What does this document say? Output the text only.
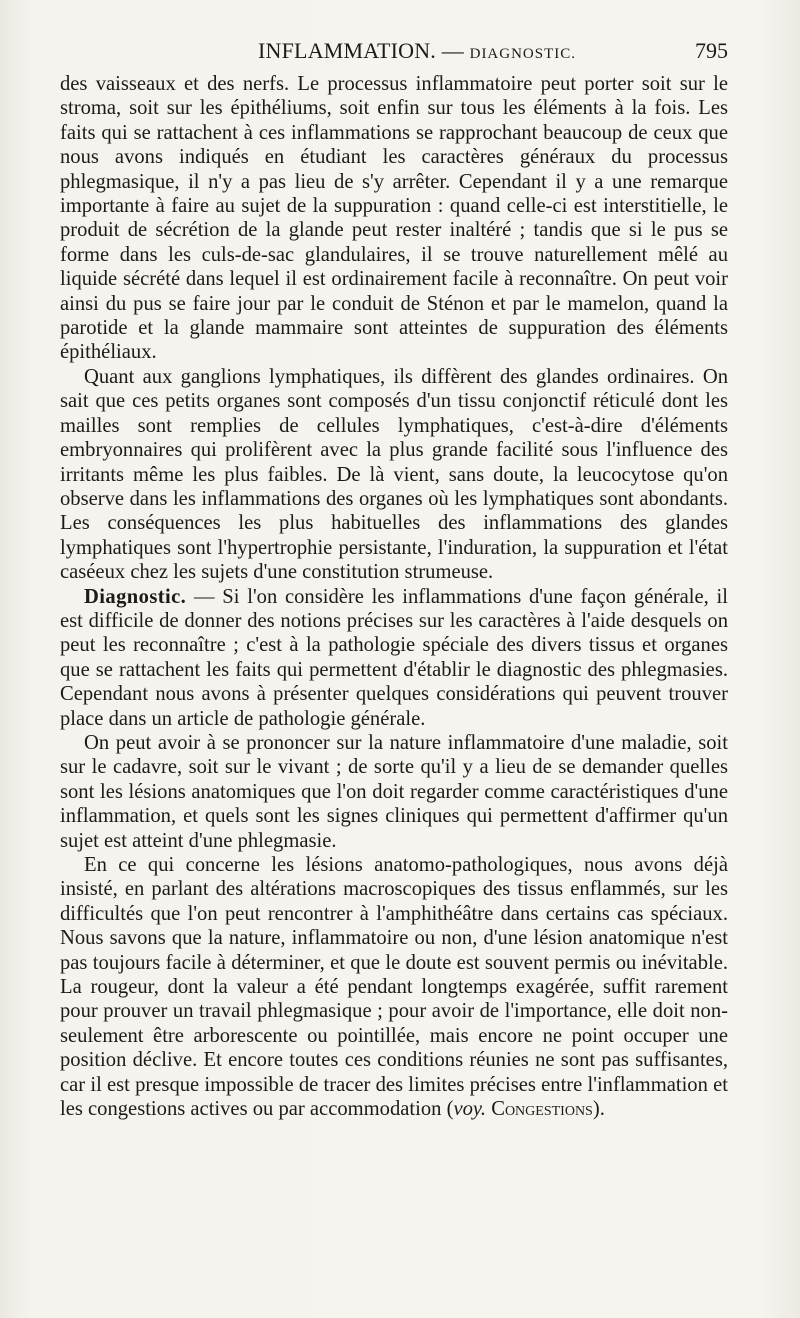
INFLAMMATION. — DIAGNOSTIC.	795

des vaisseaux et des nerfs. Le processus inflammatoire peut porter soit sur le stroma, soit sur les épithéliums, soit enfin sur tous les éléments à la fois. Les faits qui se rattachent à ces inflammations se rapprochant beaucoup de ceux que nous avons indiqués en étudiant les caractères généraux du processus phlegmasique, il n'y a pas lieu de s'y arrêter. Cependant il y a une remarque importante à faire au sujet de la suppuration : quand celle-ci est interstitielle, le produit de sécrétion de la glande peut rester inaltéré ; tandis que si le pus se forme dans les culs-de-sac glandulaires, il se trouve naturellement mêlé au liquide sécrété dans lequel il est ordinairement facile à reconnaître. On peut voir ainsi du pus se faire jour par le conduit de Sténon et par le mamelon, quand la parotide et la glande mammaire sont atteintes de suppuration des éléments épithéliaux.

Quant aux ganglions lymphatiques, ils diffèrent des glandes ordinaires. On sait que ces petits organes sont composés d'un tissu conjonctif réticulé dont les mailles sont remplies de cellules lymphatiques, c'est-à-dire d'éléments embryonnaires qui prolifèrent avec la plus grande facilité sous l'influence des irritants même les plus faibles. De là vient, sans doute, la leucocytose qu'on observe dans les inflammations des organes où les lymphatiques sont abondants. Les conséquences les plus habituelles des inflammations des glandes lymphatiques sont l'hypertrophie persistante, l'induration, la suppuration et l'état caséeux chez les sujets d'une constitution strumeuse.

Diagnostic. — Si l'on considère les inflammations d'une façon générale, il est difficile de donner des notions précises sur les caractères à l'aide desquels on peut les reconnaître ; c'est à la pathologie spéciale des divers tissus et organes que se rattachent les faits qui permettent d'établir le diagnostic des phlegmasies. Cependant nous avons à présenter quelques considérations qui peuvent trouver place dans un article de pathologie générale.

On peut avoir à se prononcer sur la nature inflammatoire d'une maladie, soit sur le cadavre, soit sur le vivant ; de sorte qu'il y a lieu de se demander quelles sont les lésions anatomiques que l'on doit regarder comme caractéristiques d'une inflammation, et quels sont les signes cliniques qui permettent d'affirmer qu'un sujet est atteint d'une phlegmasie.

En ce qui concerne les lésions anatomo-pathologiques, nous avons déjà insisté, en parlant des altérations macroscopiques des tissus enflammés, sur les difficultés que l'on peut rencontrer à l'amphithéâtre dans certains cas spéciaux. Nous savons que la nature, inflammatoire ou non, d'une lésion anatomique n'est pas toujours facile à déterminer, et que le doute est souvent permis ou inévitable. La rougeur, dont la valeur a été pendant longtemps exagérée, suffit rarement pour prouver un travail phlegmasique ; pour avoir de l'importance, elle doit non-seulement être arborescente ou pointillée, mais encore ne point occuper une position déclive. Et encore toutes ces conditions réunies ne sont pas suffisantes, car il est presque impossible de tracer des limites précises entre l'inflammation et les congestions actives ou par accommodation (voy. Congestions).
